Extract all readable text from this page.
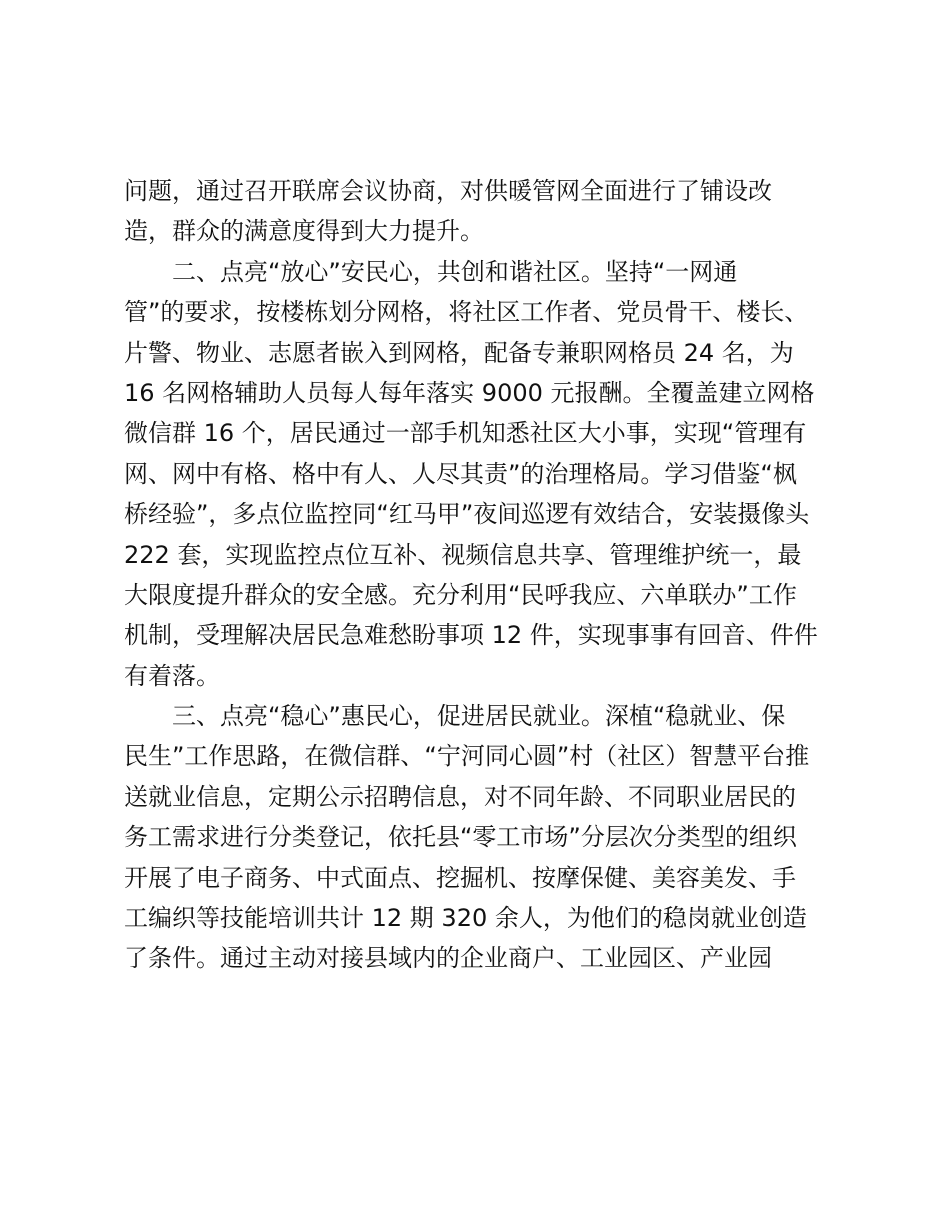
问题，通过召开联席会议协商，对供暖管网全面进行了铺设改
造，群众的满意度得到大力提升。
二、点亮“放心”安民心，共创和谐社区。坚持“一网通
管”的要求，按楼栋划分网格，将社区工作者、党员骨干、楼长、
片警、物业、志愿者嵌入到网格，配备专兼职网格员 24 名，为
16 名网格辅助人员每人每年落实 9000 元报酬。全覆盖建立网格
微信群 16 个，居民通过一部手机知悉社区大小事，实现“管理有
网、网中有格、格中有人、人尽其责”的治理格局。学习借鉴“枫
桥经验”，多点位监控同“红马甲”夜间巡逻有效结合，安装摄像头
222 套，实现监控点位互补、视频信息共享、管理维护统一，最
大限度提升群众的安全感。充分利用“民呼我应、六单联办”工作
机制，受理解决居民急难愁盼事项 12 件，实现事事有回音、件件
有着落。
三、点亮“稳心”惠民心，促进居民就业。深植“稳就业、保
民生”工作思路，在微信群、“宁河同心圆”村（社区）智慧平台推
送就业信息，定期公示招聘信息，对不同年龄、不同职业居民的
务工需求进行分类登记，依托县“零工市场”分层次分类型的组织
开展了电子商务、中式面点、挖掘机、按摩保健、美容美发、手
工编织等技能培训共计 12 期 320 余人，为他们的稳岗就业创造
了条件。通过主动对接县域内的企业商户、工业园区、产业园
